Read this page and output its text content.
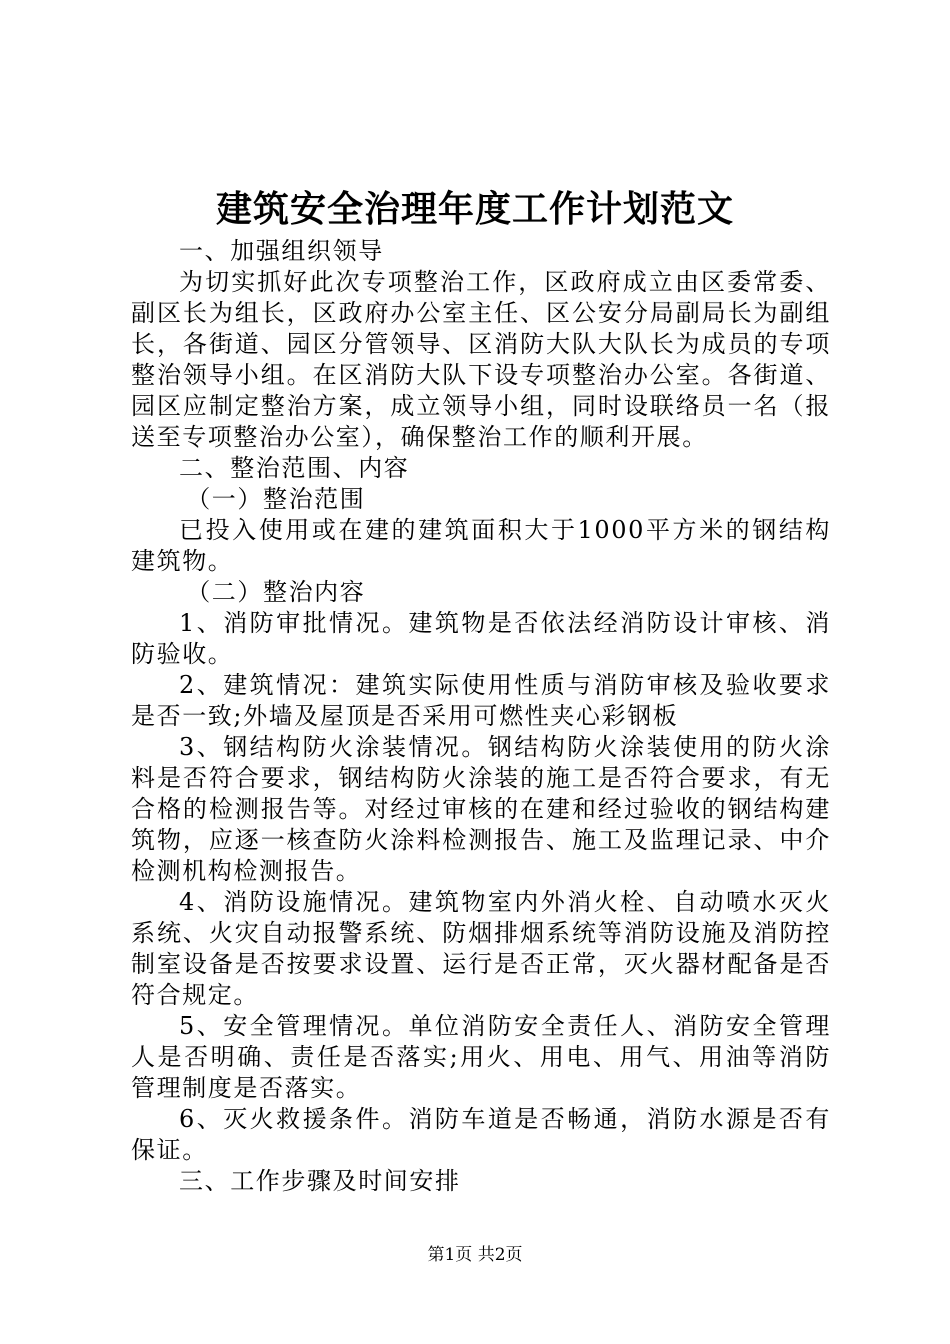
建筑安全治理年度工作计划范文

一、加强组织领导

为切实抓好此次专项整治工作，区政府成立由区委常委、副区长为组长，区政府办公室主任、区公安分局副局长为副组长，各街道、园区分管领导、区消防大队大队长为成员的专项整治领导小组。在区消防大队下设专项整治办公室。各街道、园区应制定整治方案，成立领导小组，同时设联络员一名（报送至专项整治办公室），确保整治工作的顺利开展。

二、整治范围、内容

（一）整治范围

已投入使用或在建的建筑面积大于1000平方米的钢结构建筑物。

（二）整治内容

1、消防审批情况。建筑物是否依法经消防设计审核、消防验收。

2、建筑情况：建筑实际使用性质与消防审核及验收要求是否一致;外墙及屋顶是否采用可燃性夹心彩钢板

3、钢结构防火涂装情况。钢结构防火涂装使用的防火涂料是否符合要求，钢结构防火涂装的施工是否符合要求，有无合格的检测报告等。对经过审核的在建和经过验收的钢结构建筑物，应逐一核查防火涂料检测报告、施工及监理记录、中介检测机构检测报告。

4、消防设施情况。建筑物室内外消火栓、自动喷水灭火系统、火灾自动报警系统、防烟排烟系统等消防设施及消防控制室设备是否按要求设置、运行是否正常，灭火器材配备是否符合规定。

5、安全管理情况。单位消防安全责任人、消防安全管理人是否明确、责任是否落实;用火、用电、用气、用油等消防管理制度是否落实。

6、灭火救援条件。消防车道是否畅通，消防水源是否有保证。

三、工作步骤及时间安排

第1页 共2页
